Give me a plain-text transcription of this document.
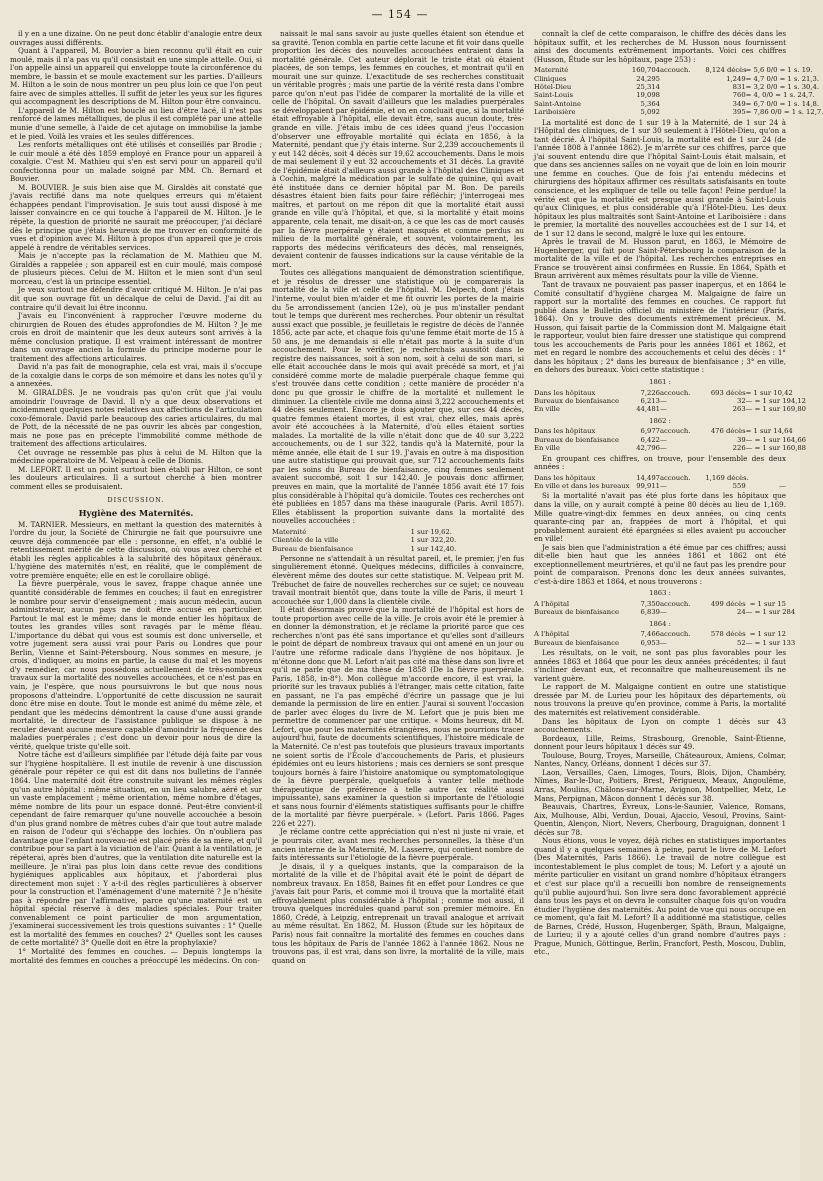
— 154 —

il y en a une dizaine. On ne peut donc établir d'analogie entre deux ouvrages aussi différents.

Quant à l'appareil, M. Bouvier a bien reconnu qu'il était en cuir moulé, mais il n'a pas vu qu'il consistait en une simple attelle. Oui, si l'on appelle ainsi un appareil qui enveloppe toute la circonférence du membre, le bassin et se moule exactement sur les parties. D'ailleurs M. Hilton a le soin de nous montrer un peu plus loin ce que l'on peut faire avec de simples attelles. Il suffit de jeter les yeux sur les figures qui accompagnent les descriptions de M. Hilton pour être convaincu.

L'appareil de M. Hilton est bouclé au lieu d'être lacé, il n'est pas renforcé de lames métalliques, de plus il est complété par une attelle munie d'une semelle, à l'aide de cet ajutage on immobilise la jambe et le pied. Voilà les vraies et les seules différences.

Les renforts métalliques ont été utilisés et conseillés par Brodie ; le cuir moulé a été dès 1859 employé en France pour un appareil à coxalgie. C'est M. Mathieu qui s'en est servi pour un appareil qu'il confectionna pour un malade soigné par MM. Ch. Bernard et Bouvier.

M. BOUVIER. Je suis bien aise que M. Giraldès ait constaté que j'avais rectifié dans ma note quelques erreurs qui m'étaient échappées pendant l'improvisation. Je suis tout aussi disposé à me laisser convaincre en ce qui touche à l'appareil de M. Hilton. Je le répète, la question de priorité ne saurait me préoccuper, j'ai déclaré dès le principe que j'étais heureux de me trouver en conformité de vues et d'opinion avec M. Hilton à propos d'un appareil que je crois appelé à rendre de véritables services.

Mais je n'accepte pas la réclamation de M. Mathieu que M. Giraldès a rappelée ; son appareil est en cuir moulé, mais composé de plusieurs pièces. Celui de M. Hilton et le mien sont d'un seul morceau, c'est là un principe essentiel.

Je veux surtout me défendre d'avoir critiqué M. Hilton. Je n'ai pas dit que son ouvrage fût un décalque de celui de David. J'ai dit au contraire qu'il devait lui être inconnu.

J'avais eu l'inconvénient à rapprocher l'œuvre moderne du chirurgien de Rouen des études approfondies de M. Hilton ? Je me crois en droit de maintenir que les deux auteurs sont arrivés à la même conclusion pratique. Il est vraiment intéressant de montrer dans un ouvrage ancien la formule du principe moderne pour le traitement des affections articulaires.

David n'a pas fait de monographie, cela est vrai, mais il s'occupe de la coxalgie dans le corps de son mémoire et dans les notes qu'il y a annexées.

M. GIRALDÈS. Je ne voudrais pas qu'on crût que j'ai voulu amoindrir l'ouvrage de David. Il n'y a que deux observations et incidemment quelques notes relatives aux affections de l'articulation coxo-fémorale. David parle beaucoup des caries articulaires, du mal de Pott, de la nécessité de ne pas ouvrir les abcès par congestion, mais ne pose pas en précepte l'immobilité comme méthode de traitement des affections articulaires.

Cet ouvrage ne ressemble pas plus à celui de M. Hilton que la médecine opératoire de M. Velpeau à celle de Dionis.

M. LEFORT. Il est un point surtout bien établi par Hilton, ce sont les douleurs articulaires. Il a surtout cherché à bien montrer comment elles se produisaient.

DISCUSSION.
Hygiène des Maternités.

M. TARNIER. Messieurs, en mettant la question des maternités à l'ordre du jour, la Société de Chirurgie ne fait que poursuivre une œuvre déjà commencée par elle : personne, en effet, n'a oublié le retentissement mérité de cette discussion, où vous avez cherché et établi les règles applicables à la salubrité des hôpitaux généraux. L'hygiène des maternités n'est, en réalité, que le complément de votre première enquête; elle en est le corollaire obligé.

La fièvre puerpérale, vous le savez, frappe chaque année une quantité considérable de femmes en couches; il faut en enregistrer le nombre pour servir d'enseignement ; mais aucun médecin, aucun administrateur, aucun pays ne doit être accusé en particulier. Partout le mal est le même; dans le monde entier les hôpitaux de toutes les grandes villes sont ravagés par le même fléau. L'importance du débat qui vous est soumis est donc universelle, et votre jugement sera aussi vrai pour Paris ou Londres que pour Berlin, Vienne et Saint-Pétersbourg. Nous sommes en mesure, je crois, d'indiquer, au moins en partie, la cause du mal et les moyens d'y remédier, car nous possédons actuellement de très-nombreux travaux sur la mortalité des nouvelles accouchées, et ce n'est pas en vain, je l'espère, que nous poursuivrons le but que nous nous proposons d'atteindre. L'opportunité de cette discussion ne saurait donc être mise en doute. Tout le monde est animé du même zèle, et pendant que les médecins démontrent la cause d'une aussi grande mortalité, le directeur de l'assistance publique se dispose à ne reculer devant aucune mesure capable d'amoindrir la fréquence des maladies puerpérales ; c'est donc un devoir pour nous de dire la vérité, quelque triste qu'elle soit.

Notre tâche est d'ailleurs simplifiée par l'étude déjà faite par vous sur l'hygiène hospitalière. Il est inutile de revenir à une discussion générale pour répéter ce qui est dit dans nos bulletins de l'année 1864. Une maternité doit être construite suivant les mêmes règles qu'un autre hôpital : même situation, en un lieu salubre, aéré et sur un vaste emplacement ; même orientation, même nombre d'étages, même nombre de lits pour un espace donné. Peut-être convient-il cependant de faire remarquer qu'une nouvelle accouchée a besoin d'un plus grand nombre de mètres cubes d'air que tout autre malade en raison de l'odeur qui s'échappe des lochies. On n'oubliera pas davantage que l'enfant nouveau-né est placé près de sa mère, et qu'il contribue pour sa part à la viciation de l'air. Quant à la ventilation, je répéterai, après bien d'autres, que la ventilation dite naturelle est la meilleure. Je n'irai pas plus loin dans cette revue des conditions hygiéniques applicables aux hôpitaux, et j'aborderai plus directement mon sujet : Y a-t-il des règles particulières à observer pour la construction et l'aménagement d'une maternité ? Je n'hésite pas à répondre par l'affirmative, parce qu'une maternité est un hôpital spécial réservé à des maladies spéciales. Pour traiter convenablement ce point particulier de mon argumentation, j'examinerai successivement les trois questions suivantes : 1° Quelle est la mortalité des femmes en couches? 2° Quelles sont les causes de cette mortalité? 3° Quelle doit en être la prophylaxie?

1° Mortalité des femmes en couches. — Depuis longtemps la mortalité des femmes en couches a préoccupé les médecins. On con-

naissait le mal sans savoir au juste quelles étaient son étendue et sa gravité. Tenon comblа en partie cette lacune et fit voir dans quelle proportion les décès des nouvelles accouchées entraient dans la mortalité générale. Cet auteur déplorait le triste état où étaient placées, de son temps, les femmes en couches, et montrait qu'il en mourait une sur quinze. L'exactitude de ses recherches constituait un véritable progrès ; mais une partie de la vérité resta dans l'ombre parce qu'on n'eut pas l'idée de comparer la mortalité de la ville et celle de l'hôpital. On savait d'ailleurs que les maladies puerpérales se développaient par épidémie, et on en concluait que, si la mortalité était effroyable à l'hôpital, elle devait être, sans aucun doute, très-grande en ville. J'étais imbu de ces idées quand j'eus l'occasion d'observer une effroyable mortalité qui éclata en 1856, à la Maternité, pendant que j'y étais interne. Sur 2,239 accouchements il y eut 142 décès, soit 4 décès sur 19,62 accouchements. Dans le mois de mai seulement il y eut 32 accouchements et 31 décès. La gravité de l'épidémie était d'ailleurs aussi grande à l'hôpital des Cliniques et à Cochin, malgré la médication par le sulfate de quinine, qui avait été instituée dans ce dernier hôpital par M. Bon. De pareils désastres étaient bien faits pour faire réfléchir; j'interrogeai mes maîtres, et partout on me répon dit que la mortalité était aussi grande en ville qu'à l'hôpital, et que, si la mortalité y était moins apparente, cela tenait, me disait-on, à ce que les cas de mort causés par la fièvre puerpérale y étaient masqués et comme perdus au milieu de la mortalité générale, et souvent, volontairement, les rapports des médecins vérificateurs des décès, mal renseignés, devaient contenir de fausses indications sur la cause véritable de la mort.

Toutes ces allégations manquaient de démonstration scientifique, et je résolus de dresser une statistique où je comparerais la mortalité de la ville et celle de l'hôpital. M. Delpech, dont j'étais l'interne, voulut bien m'aider et me fit ouvrir les portes de la mairie du 5e arrondissement (ancien 12e), où je pus m'installer pendant tout le temps que durèrent mes recherches. Pour obtenir un résultat aussi exact que possible, je feuilletais le registre de décès de l'année 1856, acte par acte, et chaque fois qu'une femme était morte de 15 à 50 ans, je me demandais si elle n'était pas morte à la suite d'un accouchement. Pour le vérifier, je recherchais aussitôt dans le registre des naissances, soit à son nom, soit à celui de son mari, si elle était accouchée dans le mois qui avait précédé sa mort, et j'ai considéré comme morte de maladie puerpérale chaque femme qui s'est trouvée dans cette condition ; cette manière de procéder n'a donc pu que grossir le chiffre de la mortalité et nullement le diminuer. La clientèle civile me donna ainsi 3,222 accouchements et 44 décès seulement. Encore je dois ajouter que, sur ces 44 décès, quatre femmes étaient mortes, il est vrai, chez elles, mais après avoir été accouchées à la Maternité, d'où elles étaient sorties malades. La mortalité de la ville n'était donc que de 40 sur 3,222 accouchements, ou de 1 sur 322, tandis qu'à la Maternité, pour la même année, elle était de 1 sur 19. J'avais en outre à ma disposition une autre statistique qui prouvait que, sur 712 accouchements faits par les soins du Bureau de bienfaisance, cinq femmes seulement avaient succombé, soit 1 sur 142,40. Je pouvais donc affirmer, preuves en main, que la mortalité de l'année 1856 avait été 17 fois plus considérable à l'hôpital qu'à domicile. Toutes ces recherches ont été publiées en 1857 dans ma thèse inaugurale (Paris. Avril 1857). Elles établissent la proportion suivante dans la mortalité des nouvelles accouchées :

Maternité	1 sur 19,62.
Clientèle de la ville	1 sur 322,20.
Bureau de bienfaisance	1 sur 142,40.

Personne ne s'attendait à un résultat pareil, et, le premier, j'en fus singulièrement étonné. Quelques médecins, difficiles à convaincre, élevèrent même des doutes sur cette statistique. M. Velpeau prit M. Trébuchet de faire de nouvelles recherches sur ce sujet; ce nouveau travail montrait bientôt que, dans toute la ville de Paris, il meurt 1 accouchée sur 1,000 dans la clientèle civile.

Il était désormais prouvé que la mortalité de l'hôpital est hors de toute proportion avec celle de la ville. Je crois avoir été le premier à en donner la démonstration, et je réclame la priorité parce que ces recherches n'ont pas été sans importance et qu'elles sont d'ailleurs le point de départ de nombreux travaux qui ont amené en un jour ou l'autre une réforme radicale dans l'hygiène de nos hôpitaux. Je m'étonne donc que M. Lefort n'ait pas cité ma thèse dans son livre et qu'il ne parle que de ma thèse de 1858 (De la fièvre puerpérale. Paris, 1858, in-8°). Mon collègue m'accorde encore, il est vrai, la priorité sur les travaux publiés à l'étranger, mais cette citation, faite en passant, ne l'a pas empêché d'écrire un passage que je lui demande la permission de lire en entier. J'aurai si souvent l'occasion de parler avec éloges du livre de M. Lefort que je puis bien me permettre de commencer par une critique. « Moins heureux, dit M. Lefort, que pour les maternités étrangères, nous ne pourrions tracer aujourd'hui, faute de documents scientifiques, l'histoire médicale de la Maternité. Ce n'est pas toutefois que plusieurs travaux importants ne soient sortis de l'École d'accouchements de Paris, et plusieurs épidémies ont eu leurs historiens ; mais ces derniers se sont presque toujours bornés à faire l'histoire anatomique ou symptomatologique de la fièvre puerpérale, quelquefois à vanter telle méthode thérapeutique de préférence à telle autre (ex réalité aussi impuissante), sans examiner la question si importante de l'étiologie et sans nous fournir d'éléments statistiques suffisants pour le chiffre de la mortalité par fièvre puerpérale. » (Lefort. Paris 1866. Pages 226 et 227).

Je réclame contre cette appréciation qui n'est ni juste ni vraie, et je pourrais citer, avant mes recherches personnelles, la thèse d'un ancien interne de la Maternité, M. Lasserre, qui contient nombre de faits intéressants sur l'étiologie de la fièvre puerpérale.

Je disais, il y a quelques instants, que la comparaison de la mortalité de la ville et de l'hôpital avait été le point de départ de nombreux travaux. En 1858, Baines fit en effet pour Londres ce que j'avais fait pour Paris, et comme moi il trouva que la mortalité était effroyablement plus considérable à l'hôpital ; comme moi aussi, il trouva quelques incrédules quand parut son premier mémoire. En 1860, Crédé, à Leipzig, entreprenait un travail analogue et arrivait au même résultat. En 1862, M. Husson (Étude sur les hôpitaux de Paris) nous fait connaître la mortalité des femmes en couches dans tous les hôpitaux de Paris de l'année 1862 à l'année 1862. Nous ne trouvons pas, il est vrai, dans son livre, la mortalité de la ville, mais quand on

connaît la clef de cette comparaison, le chiffre des décès dans les hôpitaux suffit, et les recherches de M. Husson nous fournissent ainsi des documents extrêmement importants. Voici ces chiffres (Husson, Étude sur les hôpitaux, page 253) :

Maternité	160,704 accouch.	8,124 décès = 5,6 0/0 = 1 s. 19.
Cliniques	24,295	1,249 = 4,7 0/0 = 1 s. 21,3.
Hôtel-Dieu	25,314	831 = 3,2 0/0 = 1 s. 30,4.
Saint-Louis	19,098	760 = 4, 0/0 = 1 s. 24,7.
Saint-Antoine	5,364	349 = 6,7 0/0 = 1 s. 14,8.
Lariboisière	5,092	395 = 7,86 0/0 = 1 s. 12,7.

La mortalité est donc de 1 sur 19 à la Maternité, de 1 sur 24 à l'Hôpital des cliniques, de 1 sur 30 seulement à l'Hôtel-Dieu, qu'on a tant décrié. À l'hôpital Saint-Louis, la mortalité est de 1 sur 24 (de l'année 1808 à l'année 1862). Je m'arrête sur ces chiffres, parce que j'ai souvent entendu dire que l'hôpital Saint-Louis était malsain, et que dans ses anciennes salles on ne voyait que de loin en loin mourir une femme en couches. Que de fois j'ai entendu médecins et chirurgiens des hôpitaux affirmer ces résultats satisfaisants en toute conscience, et les expliquer de telle ou telle façon! Peine perdue! la vérité est que la mortalité est presque aussi grande à Saint-Louis qu'aux Cliniques, et plus considérable qu'à l'Hôtel-Dieu. Les deux hôpitaux les plus maltraités sont Saint-Antoine et Lariboisière : dans le premier, la mortalité des nouvelles accouchées est de 1 sur 14, et de 1 sur 12 dans le second, malgré le luxe qui les entoure.

Après le travail de M. Husson parut, en 1863, le Mémoire de Hugenberger, qui fait pour Saint-Pétersbourg la comparaison de la mortalité de la ville et de l'hôpital. Les recherches entreprises en France se trouvèrent ainsi confirmées en Russie. En 1864, Späth et Braun arrivèrent aux mêmes résultats pour la ville de Vienne.

Tant de travaux ne pouvaient pas passer inaperçus, et en 1864 le Comité consultatif d'hygiène chargea M. Malgaigne de faire un rapport sur la mortalité des femmes en couches. Ce rapport fut publié dans le Bulletin officiel du ministère de l'intérieur (Paris, 1864). On y trouve des documents extrêmement précieux. M. Husson, qui faisait partie de la Commission dont M. Malgaigne était le rapporteur, voulut bien faire dresser une statistique qui comprend tous les accouchements de Paris pour les années 1861 et 1862, et met en regard le nombre des accouchements et celui des décès : 1° dans les hôpitaux ; 2° dans les bureaux de bienfaisance ; 3° en ville, en dehors des bureaux. Voici cette statistique :

1861 :
Dans les hôpitaux	7,226 accouch.	693 décès = 1 sur 10,42
Bureaux de bienfaisance	6,213 —	32 — = 1 sur 194,12
En ville	44,481 —	263 — = 1 sur 169,80
1862 :
Dans les hôpitaux	6,977 accouch.	476 décès = 1 sur 14,64
Bureaux de bienfaisance	6,422 —	39 — = 1 sur 164,66
En ville	42,796 —	226 — = 1 sur 160,88

En groupant ces chiffres, on trouve, pour l'ensemble des deux années :

Dans les hôpitaux	14,497 accouch.	1,169 décès.
En ville et dans les bureaux 99,911 —	559	—

Si la mortalité n'avait pas été plus forte dans les hôpitaux que dans la ville, on y aurait compté à peine 80 décès au lieu de 1,169. Mille quatre-vingt-dix femmes en deux années, ou cinq cents quarante-cinq par an, frappées de mort à l'hôpital, et qui probablement auraient été épargnées si elles avaient pu accoucher en ville!

Je sais bien que l'administration a été émue par ces chiffres; aussi dit-elle bien haut que les années 1861 et 1862 ont été exceptionnellement meurtrières, et qu'il ne faut pas les prendre pour point de comparaison. Prenons donc les deux années suivantes, c'est-à-dire 1863 et 1864, et nous trouverons :

1863 :
A l'hôpital	7,350 accouch.	499 décès = 1 sur 15
Bureaux de bienfaisance	6,839 —	24 — = 1 sur 284
1864 :
A l'hôpital	7,466 accouch.	578 décès = 1 sur 12
Bureaux de bienfaisance	6,953 —	52 — = 1 sur 133

Les résultats, on le voit, ne sont pas plus favorables pour les années 1863 et 1864 que pour les deux années précédentes; il faut s'incliner devant eux, et reconnaître que malheureusement ils ne varient guère.

Le rapport de M. Malgaigne contient en outre une statistique dressée par M. de Lurieu pour les hôpitaux des départements, où nous trouvons la preuve qu'en province, comme à Paris, la mortalité des maternités est relativement considérable.

Dans les hôpitaux de Lyon on compte 1 décès sur 43 accouchements.

Bordeaux, Lille, Reims, Strasbourg, Grenoble, Saint-Étienne, donnent pour leurs hôpitaux 1 décès sur 49.

Toulouse, Bourg, Troyes, Marseille, Châteauroux, Amiens, Colmar, Nantes, Nancy, Orléans, donnent 1 décès sur 37.

Laon, Versailles, Caen, Limoges, Tours, Blois, Dijon, Chambéry, Nîmes, Bar-le-Duc, Poitiers, Brest, Périgueux, Meaux, Angoulême, Arras, Moulins, Châlons-sur-Marne, Avignon, Montpellier, Metz, Le Mans, Perpignan, Mâcon donnent 1 décès sur 38.

Beauvais, Chartres, Évreux, Lons-le-Saunier, Valence, Romans, Aix, Mulhouse, Albi, Verdun, Douai, Ajaccio, Vesoul, Provins, Saint-Quentin, Alençon, Niort, Nevers, Cherbourg, Draguignan, donnent 1 décès sur 78.

Nous étions, vous le voyez, déjà riches en statistiques importantes quand il y a quelques semaines à peine, parut le livre de M. Lefort (Des Maternités, Paris 1866). Le travail de notre collègue est incontestablement le plus complet de tous; M. Lefort y a ajouté un mérite particulier en visitant un grand nombre d'hôpitaux étrangers et c'est sur place qu'il a recueilli bon nombre de renseignements qu'il publie aujourd'hui. Son livre sera donc favorablement apprécié dans tous les pays et on devra le consulter chaque fois qu'on voudra étudier l'hygiène des maternités. Au point de vue qui nous occupe en ce moment, qu'a fait M. Lefort? Il a additionné ma statistique, celles de Barnes, Crédé, Husson, Hugenberger, Späth, Braun, Malgaigne, de Lurieu; il y a ajouté celles d'un grand nombre d'autres pays : Prague, Munich, Göttingue, Berlin, Francfort, Pesth, Moscou, Dublin, etc.,
